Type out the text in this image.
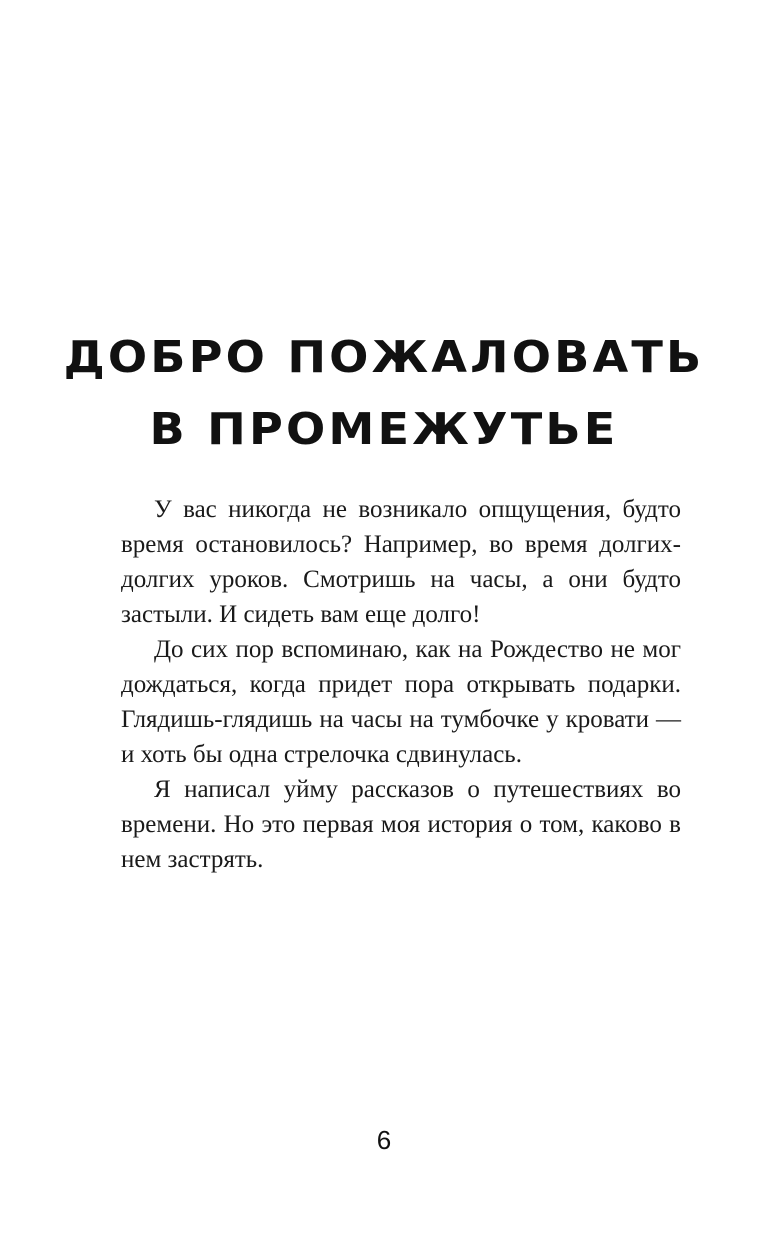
ДОБРО ПОЖАЛОВАТЬ
В ПРОМЕЖУТЬЕ

У вас никогда не возникало опщущения, будто время остановилось? Например, во время долгих-долгих уроков. Смотришь на часы, а они будто застыли. И сидеть вам еще долго!

До сих пор вспоминаю, как на Рождество не мог дождаться, когда придет пора открывать подарки. Глядишь-глядишь на часы на тумбочке у кровати — и хоть бы одна стрелочка сдвинулась.

Я написал уйму рассказов о путешествиях во времени. Но это первая моя история о том, каково в нем застрять.

6
